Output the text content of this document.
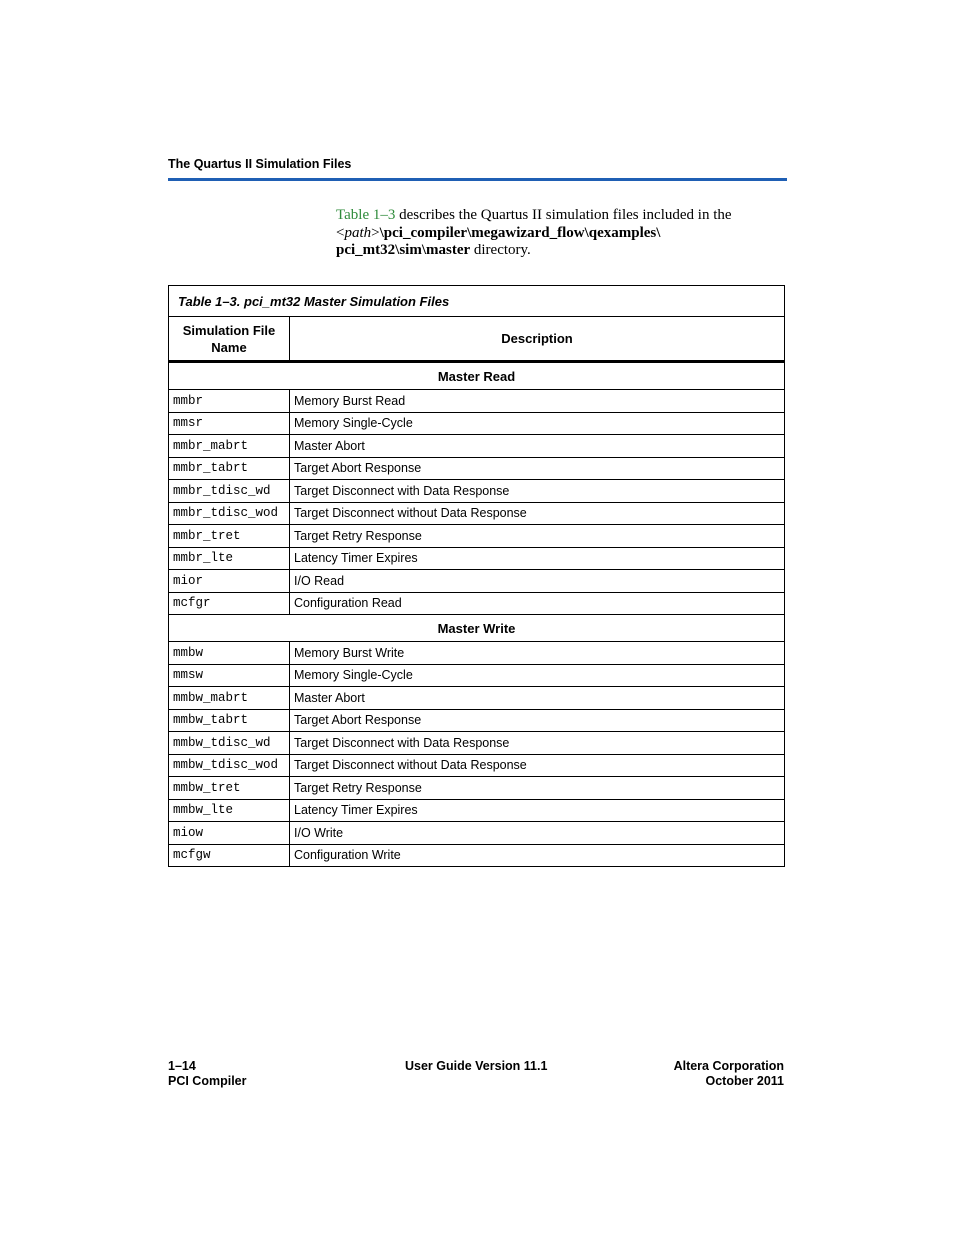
The Quartus II Simulation Files
Table 1–3 describes the Quartus II simulation files included in the <path>\pci_compiler\megawizard_flow\qexamples\ pci_mt32\sim\master directory.
Table 1–3. pci_mt32 Master Simulation Files	
Simulation File Name	Description
Master Read	
mmbr	Memory Burst Read
mmsr	Memory Single-Cycle
mmbr_mabrt	Master Abort
mmbr_tabrt	Target Abort Response
mmbr_tdisc_wd	Target Disconnect with Data Response
mmbr_tdisc_wod	Target Disconnect without Data Response
mmbr_tret	Target Retry Response
mmbr_lte	Latency Timer Expires
mior	I/O Read
mcfgr	Configuration Read
Master Write	
mmbw	Memory Burst Write
mmsw	Memory Single-Cycle
mmbw_mabrt	Master Abort
mmbw_tabrt	Target Abort Response
mmbw_tdisc_wd	Target Disconnect with Data Response
mmbw_tdisc_wod	Target Disconnect without Data Response
mmbw_tret	Target Retry Response
mmbw_lte	Latency Timer Expires
miow	I/O Write
mcfgw	Configuration Write
1–14
PCI Compiler
User Guide Version 11.1	Altera Corporation
October 2011
